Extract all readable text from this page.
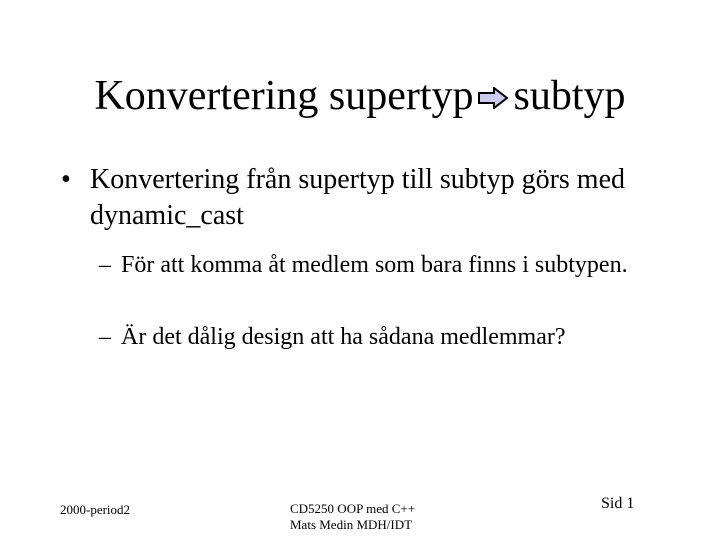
Konvertering supertyp subtyp
• Konvertering från supertyp till subtyp görs med dynamic_cast
– För att komma åt medlem som bara finns i subtypen.
– Är det dålig design att ha sådana medlemmar?
2000-period2	CD5250 OOP med C++
Mats Medin MDH/IDT
Sid 1
